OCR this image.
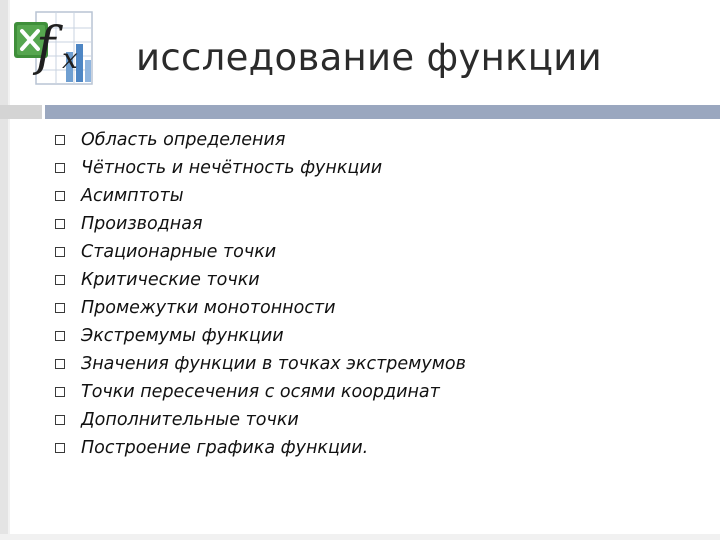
f x исследование функции
Область определения
Чётность и нечётность функции
Асимптоты
Производная
Стационарные точки
Критические точки
Промежутки монотонности
Экстремумы функции
Значения функции в точках экстремумов
Точки пересечения с осями координат
Дополнительные точки
Построение графика функции.
